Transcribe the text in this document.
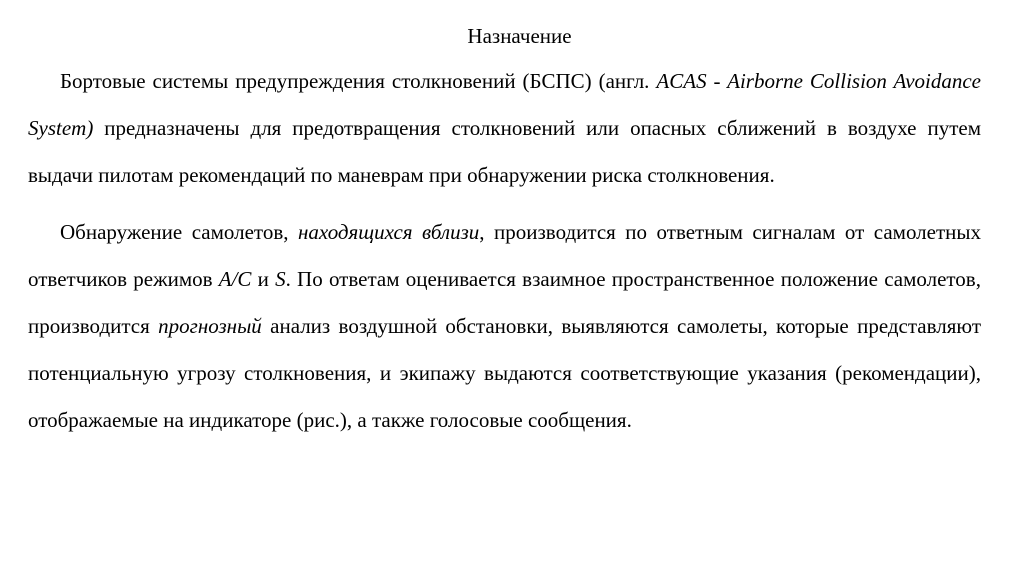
Назначение

Бортовые системы предупреждения столкновений (БСПС) (англ. ACAS - Airborne Collision Avoidance System) предназначены для предотвращения столкновений или опасных сближений в воздухе путем выдачи пилотам рекомендаций по маневрам при обнаружении риска столкновения.

Обнаружение самолетов, находящихся вблизи, производится по ответным сигналам от самолетных ответчиков режимов А/С и S. По ответам оценивается взаимное пространственное положение самолетов, производится прогнозный анализ воздушной обстановки, выявляются самолеты, которые представляют потенциальную угрозу столкновения, и экипажу выдаются соответствующие указания (рекомендации), отображаемые на индикаторе (рис.), а также голосовые сообщения.
